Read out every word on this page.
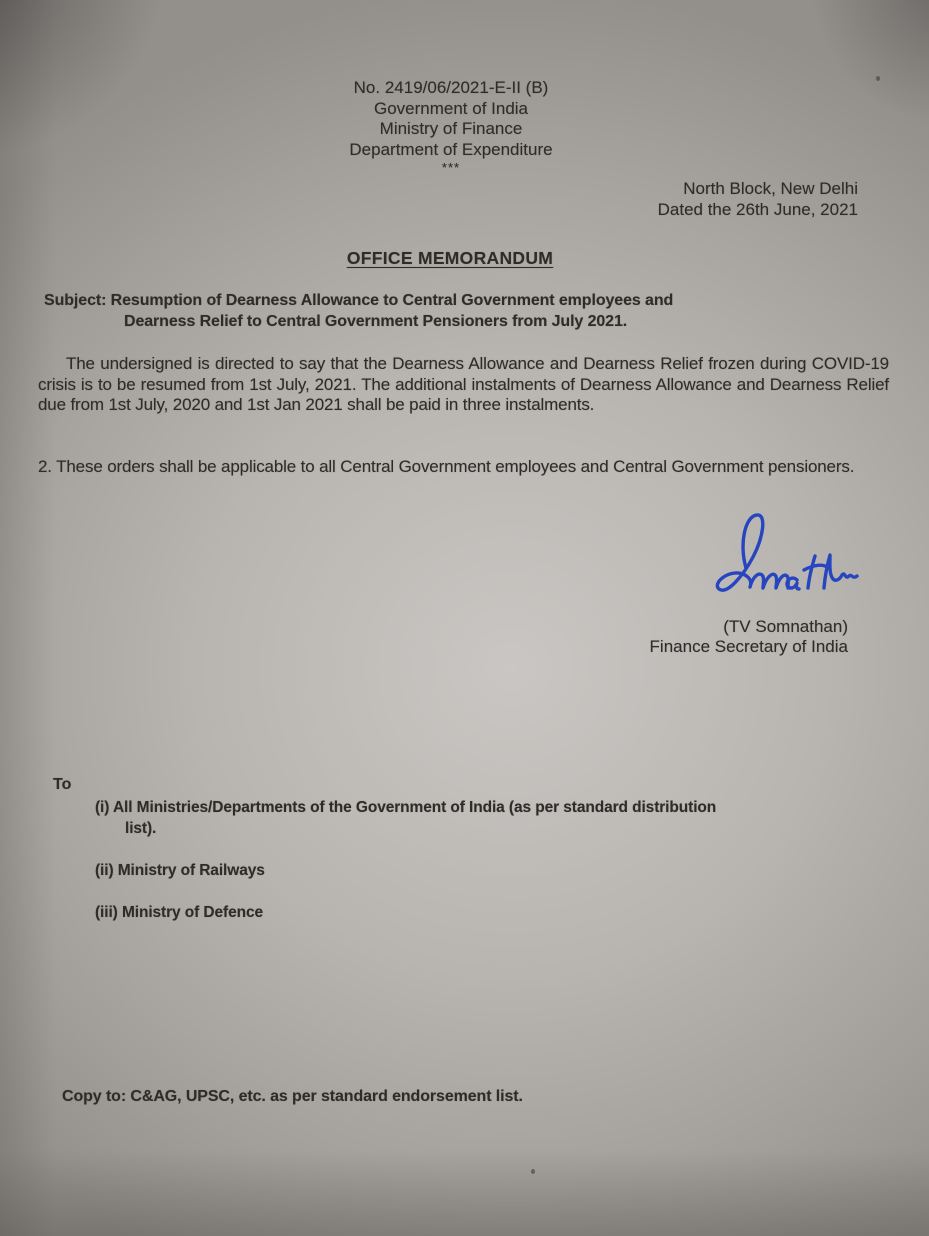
No. 2419/06/2021-E-II (B)
Government of India
Ministry of Finance
Department of Expenditure
***
North Block, New Delhi
Dated the 26th June, 2021
OFFICE MEMORANDUM
Subject: Resumption of Dearness Allowance to Central Government employees and
Dearness Relief to Central Government Pensioners from July 2021.
The undersigned is directed to say that the Dearness Allowance and Dearness Relief frozen during COVID-19 crisis is to be resumed from 1st July, 2021. The additional instalments of Dearness Allowance and Dearness Relief due from 1st July, 2020 and 1st Jan 2021 shall be paid in three instalments.
2. These orders shall be applicable to all Central Government employees and Central Government pensioners.
(TV Somnathan)
Finance Secretary of India
To
(i) All Ministries/Departments of the Government of India (as per standard distribution
list).
(ii) Ministry of Railways
(iii) Ministry of Defence
Copy to: C&AG, UPSC, etc. as per standard endorsement list.
